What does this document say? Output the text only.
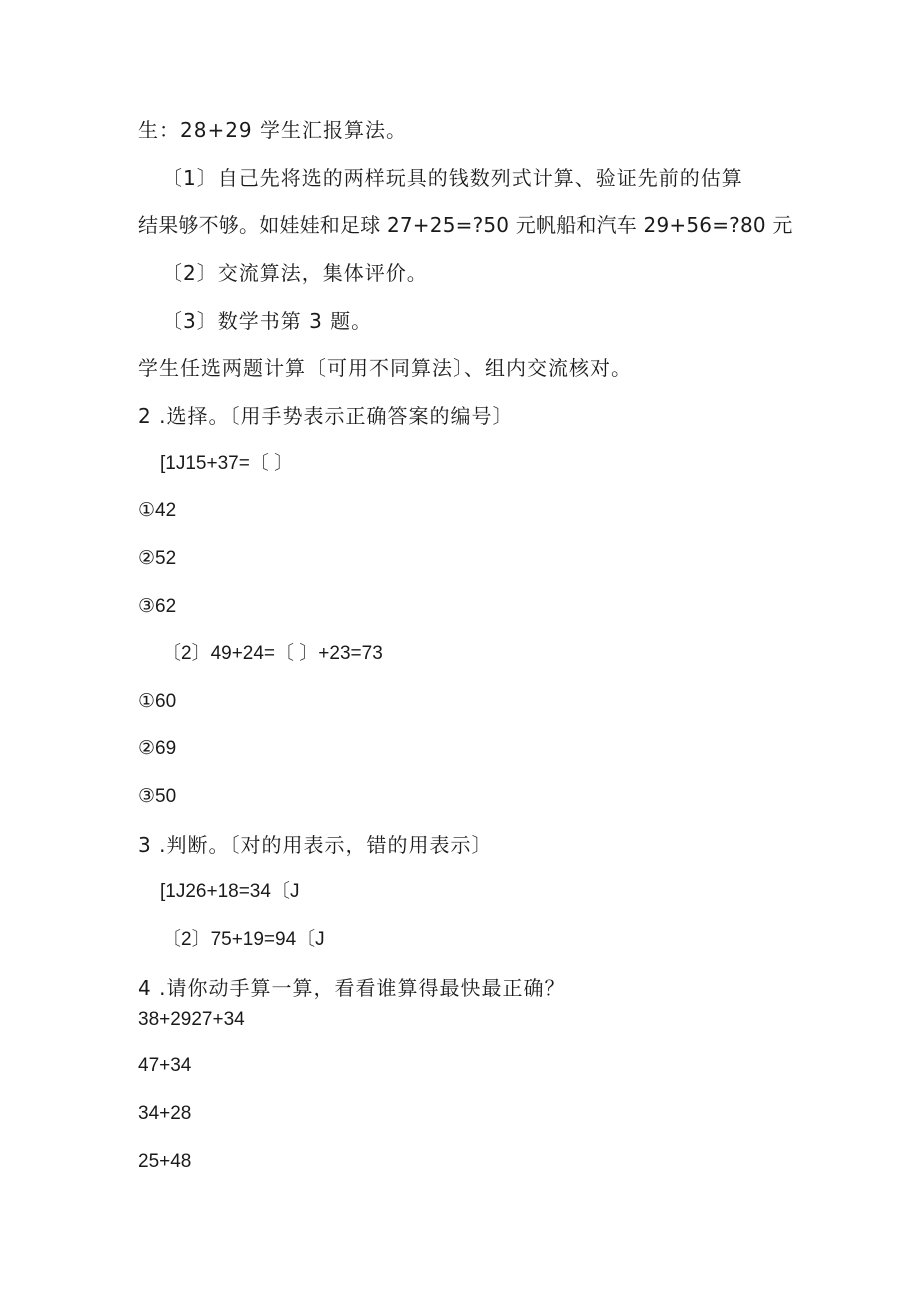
生：28+29 学生汇报算法。
〔1〕自己先将选的两样玩具的钱数列式计算、验证先前的估算
结果够不够。如娃娃和足球 27+25=?50 元帆船和汽车 29+56=?80 元
〔2〕交流算法，集体评价。
〔3〕数学书第 3 题。
学生任选两题计算〔可用不同算法〕、组内交流核对。
2 .选择。〔用手势表示正确答案的编号〕
[1J15+37=〔 〕
①42
②52
③62
〔2〕49+24=〔 〕+23=73
①60
②69
③50
3 .判断。〔对的用表示，错的用表示〕
[1J26+18=34〔J
〔2〕75+19=94〔J
4 .请你动手算一算，看看谁算得最快最正确？
38+2927+34
47+34
34+28
25+48
